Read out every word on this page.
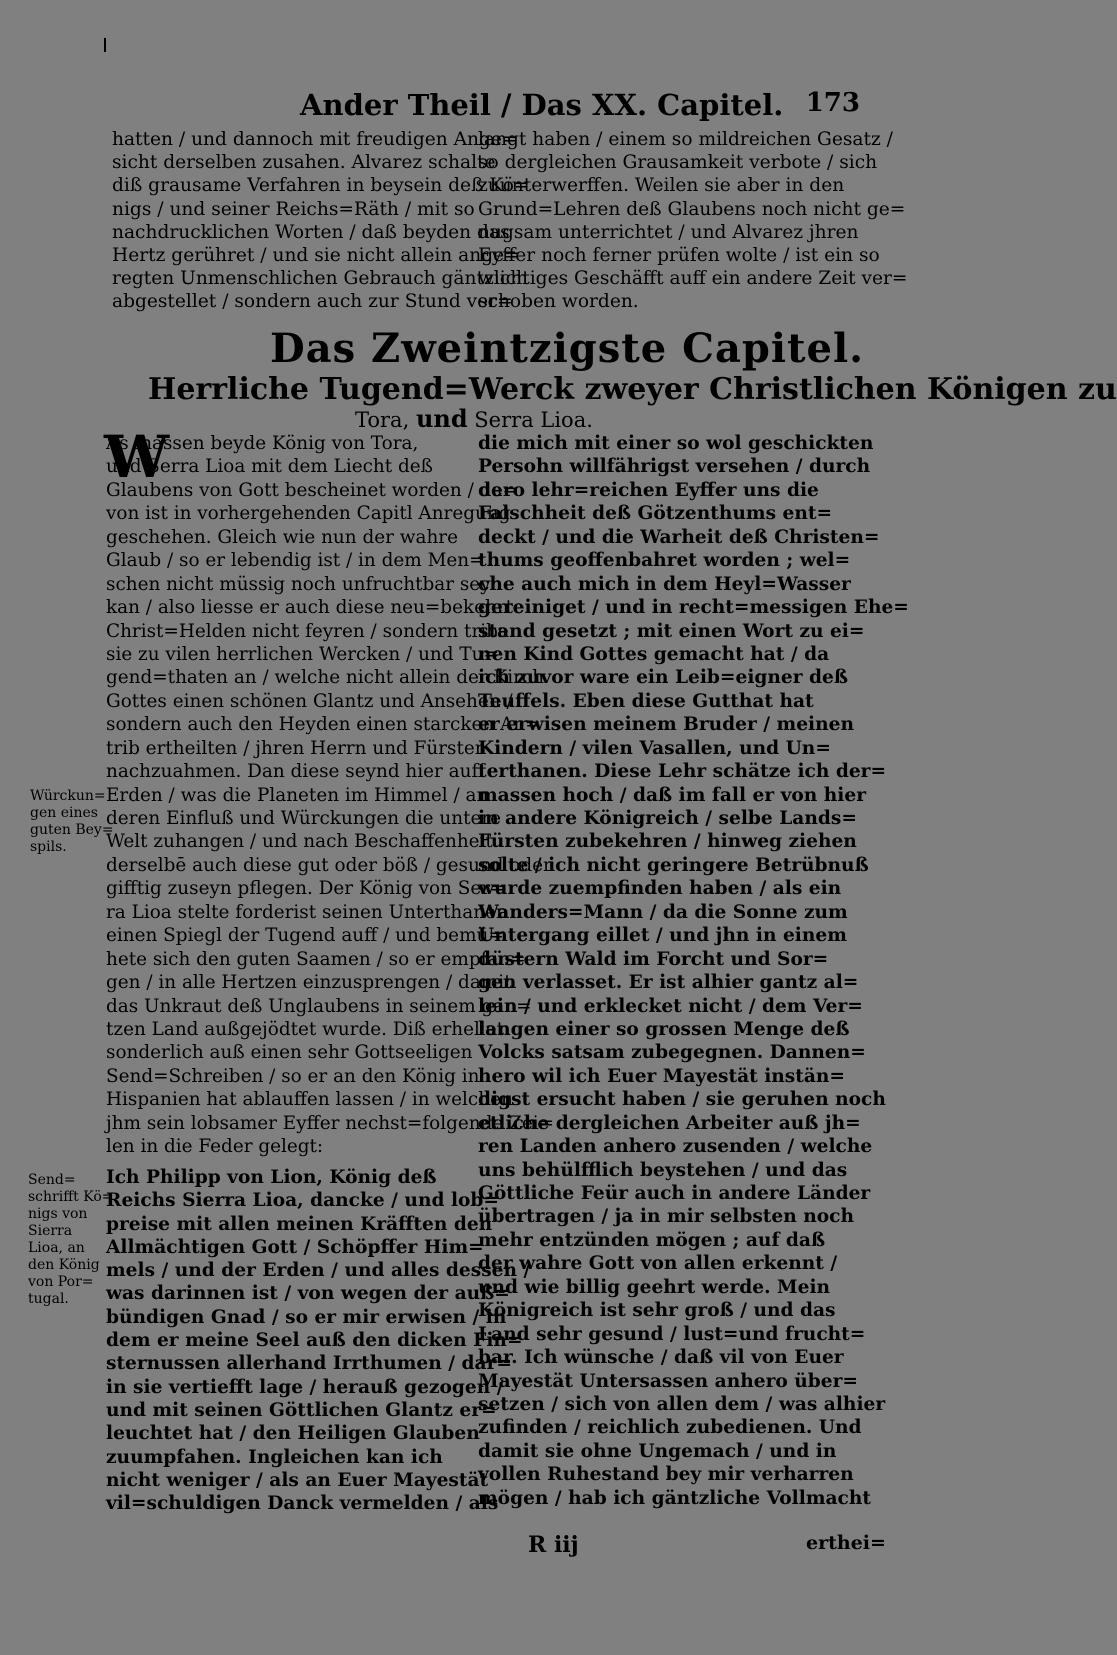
Ander Theil / Das XX. Capitel. 173
hatten / und dannoch mit freudigen Ange=
sicht derselben zusahen. Alvarez schalte
diß grausame Verfahren in beysein deß Kö=
nigs / und seiner Reichs=Räth / mit so
nachdrucklichen Worten / daß beyden das
Hertz gerühret / und sie nicht allein ange=
regten Unmenschlichen Gebrauch gäntzlich
abgestellet / sondern auch zur Stund ver=
langt haben / einem so mildreichen Gesatz /
so dergleichen Grausamkeit verbote / sich
zuunterwerffen. Weilen sie aber in den
Grund=Lehren deß Glaubens noch nicht ge=
nugsam unterrichtet / und Alvarez jhren
Eyffer noch ferner prüfen wolte / ist ein so
wichtiges Geschäfft auff ein andere Zeit ver=
schoben worden.
Das Zweintzigste Capitel.
Herrliche Tugend=Werck zweyer Christlichen Königen zu
Tora, und Serra Lioa.
W
As massen beyde König von Tora,
und Serra Lioa mit dem Liecht deß
Glaubens von Gott bescheinet worden / da=
von ist in vorhergehenden Capitl Anregung
geschehen. Gleich wie nun der wahre
Glaub / so er lebendig ist / in dem Men=
schen nicht müssig noch unfruchtbar seyn
kan / also liesse er auch diese neu=bekehrte
Christ=Helden nicht feyren / sondern tribe
sie zu vilen herrlichen Wercken / und Tu=
gend=thaten an / welche nicht allein der Kirch
Gottes einen schönen Glantz und Ansehen /
sondern auch den Heyden einen starcken An=
trib ertheilten / jhren Herrn und Fürsten
nachzuahmen. Dan diese seynd hier auff
Erden / was die Planeten im Himmel / an
deren Einfluß und Würckungen die untere
Welt zuhangen / und nach Beschaffenheit
derselbē auch diese gut oder böß / gesund oder
gifftig zuseyn pflegen. Der König von Ser=
ra Lioa stelte forderist seinen Unterthanen
einen Spiegl der Tugend auff / und bemü=
hete sich den guten Saamen / so er empfan=
gen / in alle Hertzen einzusprengen / damit
das Unkraut deß Unglaubens in seinem gan=
tzen Land außgejödtet wurde. Diß erhellet
sonderlich auß einen sehr Gottseeligen
Send=Schreiben / so er an den König in
Hispanien hat ablauffen lassen / in welchen
jhm sein lobsamer Eyffer nechst=folgende Zei=
len in die Feder gelegt:
Ich Philipp von Lion, König deß
Reichs Sierra Lioa, dancke / und lob=
preise mit allen meinen Kräfften den
Allmächtigen Gott / Schöpffer Him=
mels / und der Erden / und alles dessen /
was darinnen ist / von wegen der auß=
bündigen Gnad / so er mir erwisen / in
dem er meine Seel auß den dicken Fin=
sternussen allerhand Irrthumen / dar=
in sie vertiefft lage / herauß gezogen /
und mit seinen Göttlichen Glantz er=
leuchtet hat / den Heiligen Glauben
zuumpfahen. Ingleichen kan ich
nicht weniger / als an Euer Mayestät
vil=schuldigen Danck vermelden / als
die mich mit einer so wol geschickten
Persohn willfährigst versehen / durch
dero lehr=reichen Eyffer uns die
Falschheit deß Götzenthums ent=
deckt / und die Warheit deß Christen=
thums geoffenbahret worden ; wel=
che auch mich in dem Heyl=Wasser
gereiniget / und in recht=messigen Ehe=
stand gesetzt ; mit einen Wort zu ei=
nen Kind Gottes gemacht hat / da
ich zuvor ware ein Leib=eigner deß
Teuffels. Eben diese Gutthat hat
er erwisen meinem Bruder / meinen
Kindern / vilen Vasallen, und Un=
terthanen. Diese Lehr schätze ich der=
massen hoch / daß im fall er von hier
in andere Königreich / selbe Lands=
Fürsten zubekehren / hinweg ziehen
solte / ich nicht geringere Betrübnuß
wurde zuempfinden haben / als ein
Wanders=Mann / da die Sonne zum
Untergang eillet / und jhn in einem
düstern Wald im Forcht und Sor=
gen verlasset. Er ist alhier gantz al=
lein / und erklecket nicht / dem Ver=
langen einer so grossen Menge deß
Volcks satsam zubegegnen. Dannen=
hero wil ich Euer Mayestät instän=
digst ersucht haben / sie geruhen noch
etliche dergleichen Arbeiter auß jh=
ren Landen anhero zusenden / welche
uns behülfflich beystehen / und das
Göttliche Feür auch in andere Länder
übertragen / ja in mir selbsten noch
mehr entzünden mögen ; auf daß
der wahre Gott von allen erkennt /
und wie billig geehrt werde. Mein
Königreich ist sehr groß / und das
Land sehr gesund / lust=und frucht=
bar. Ich wünsche / daß vil von Euer
Mayestät Untersassen anhero über=
setzen / sich von allen dem / was alhier
zufinden / reichlich zubedienen. Und
damit sie ohne Ungemach / und in
vollen Ruhestand bey mir verharren
mögen / hab ich gäntzliche Vollmacht
Würckun=
gen eines
guten Bey=
spils.
Send=
schrifft Kö=
nigs von
Sierra
Lioa, an
den König
von Por=
tugal.
R iij	erthei=
